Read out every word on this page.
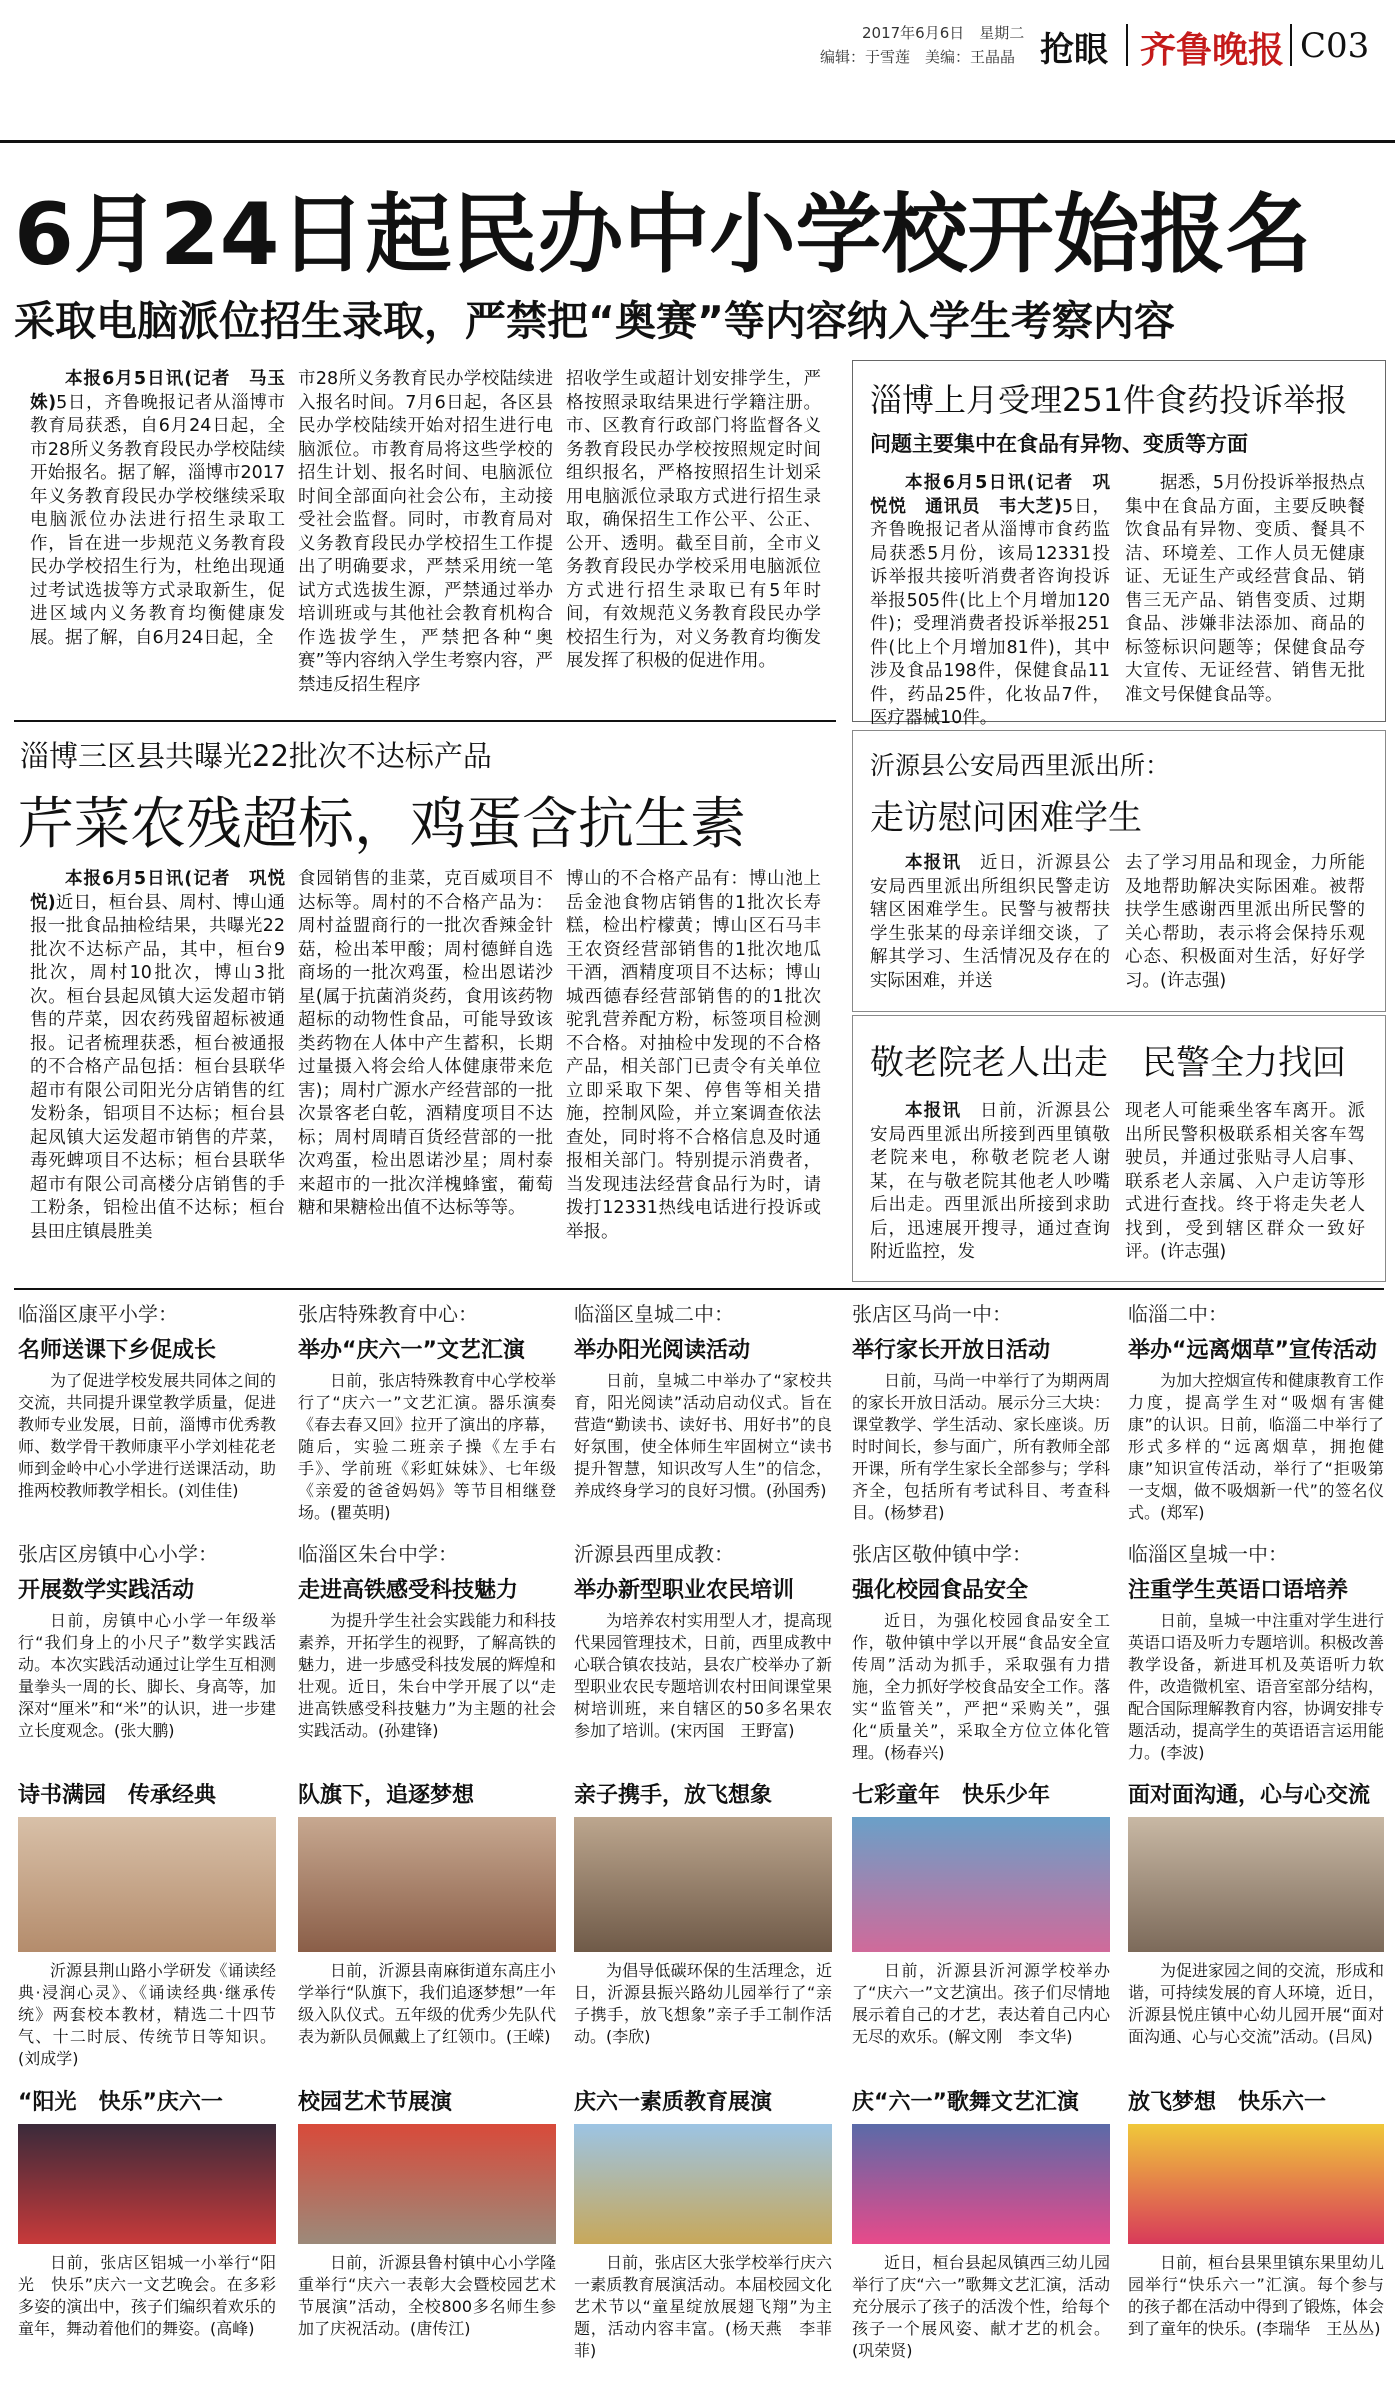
2017年6月6日　星期二
编辑：于雪莲　美编：王晶晶 抢眼 齐鲁晚报 C03
6月24日起民办中小学校开始报名
采取电脑派位招生录取，严禁把“奥赛”等内容纳入学生考察内容

本报6月5日讯(记者　马玉姝)5日，齐鲁晚报记者从淄博市教育局获悉，自6月24日起，全市28所义务教育段民办学校陆续开始报名。据了解，淄博市2017年义务教育段民办学校继续采取电脑派位办法进行招生录取工作，旨在进一步规范义务教育段民办学校招生行为，杜绝出现通过考试选拔等方式录取新生，促进区域内义务教育均衡健康发展。据了解，自6月24日起，全

市28所义务教育民办学校陆续进入报名时间。7月6日起，各区县民办学校陆续开始对招生进行电脑派位。市教育局将这些学校的招生计划、报名时间、电脑派位时间全部面向社会公布，主动接受社会监督。同时，市教育局对义务教育段民办学校招生工作提出了明确要求，严禁采用统一笔试方式选拔生源，严禁通过举办培训班或与其他社会教育机构合作选拔学生，严禁把各种“奥赛”等内容纳入学生考察内容，严禁违反招生程序

招收学生或超计划安排学生，严格按照录取结果进行学籍注册。市、区教育行政部门将监督各义务教育段民办学校按照规定时间组织报名，严格按照招生计划采用电脑派位录取方式进行招生录取，确保招生工作公平、公正、公开、透明。截至目前，全市义务教育段民办学校采用电脑派位方式进行招生录取已有5年时间，有效规范义务教育段民办学校招生行为，对义务教育均衡发展发挥了积极的促进作用。

淄博上月受理251件食药投诉举报
问题主要集中在食品有异物、变质等方面

本报6月5日讯(记者　巩悦悦　通讯员　韦大芝)5日，齐鲁晚报记者从淄博市食药监局获悉5月份，该局12331投诉举报共接听消费者咨询投诉举报505件(比上个月增加120件)；受理消费者投诉举报251件(比上个月增加81件)，其中涉及食品198件，保健食品11件，药品25件，化妆品7件，医疗器械10件。

据悉，5月份投诉举报热点集中在食品方面，主要反映餐饮食品有异物、变质、餐具不洁、环境差、工作人员无健康证、无证生产或经营食品、销售三无产品、销售变质、过期食品、涉嫌非法添加、商品的标签标识问题等；保健食品夸大宣传、无证经营、销售无批准文号保健食品等。

淄博三区县共曝光22批次不达标产品
芹菜农残超标，鸡蛋含抗生素

本报6月5日讯(记者　巩悦悦)近日，桓台县、周村、博山通报一批食品抽检结果，共曝光22批次不达标产品，其中，桓台9批次，周村10批次，博山3批次。桓台县起凤镇大运发超市销售的芹菜，因农药残留超标被通报。记者梳理获悉，桓台被通报的不合格产品包括：桓台县联华超市有限公司阳光分店销售的红发粉条，铝项目不达标；桓台县起凤镇大运发超市销售的芹菜，毒死蜱项目不达标；桓台县联华超市有限公司高楼分店销售的手工粉条，铝检出值不达标；桓台县田庄镇晨胜美

食园销售的韭菜，克百威项目不达标等。周村的不合格产品为：周村益盟商行的一批次香辣金针菇，检出苯甲酸；周村德鲜自选商场的一批次鸡蛋，检出恩诺沙星(属于抗菌消炎药，食用该药物超标的动物性食品，可能导致该类药物在人体中产生蓄积，长期过量摄入将会给人体健康带来危害)；周村广源水产经营部的一批次景客老白乾，酒精度项目不达标；周村周晴百货经营部的一批次鸡蛋，检出恩诺沙星；周村泰来超市的一批次洋槐蜂蜜，葡萄糖和果糖检出值不达标等等。

博山的不合格产品有：博山池上岳金池食物店销售的1批次长寿糕，检出柠檬黄；博山区石马丰王农资经营部销售的1批次地瓜干酒，酒精度项目不达标；博山城西德春经营部销售的的1批次驼乳营养配方粉，标签项目检测不合格。对抽检中发现的不合格产品，相关部门已责令有关单位立即采取下架、停售等相关措施，控制风险，并立案调查依法查处，同时将不合格信息及时通报相关部门。特别提示消费者，当发现违法经营食品行为时，请拨打12331热线电话进行投诉或举报。

沂源县公安局西里派出所：
走访慰问困难学生

本报讯　 近日，沂源县公安局西里派出所组织民警走访辖区困难学生。民警与被帮扶学生张某的母亲详细交谈，了解其学习、生活情况及存在的实际困难，并送

去了学习用品和现金，力所能及地帮助解决实际困难。被帮扶学生感谢西里派出所民警的关心帮助，表示将会保持乐观心态、积极面对生活，好好学习。(许志强)

敬老院老人出走　民警全力找回

本报讯　 日前，沂源县公安局西里派出所接到西里镇敬老院来电，称敬老院老人谢某，在与敬老院其他老人吵嘴后出走。西里派出所接到求助后，迅速展开搜寻，通过查询附近监控，发

现老人可能乘坐客车离开。派出所民警积极联系相关客车驾驶员，并通过张贴寻人启事、联系老人亲属、入户走访等形式进行查找。终于将走失老人找到，受到辖区群众一致好评。(许志强)

临淄区康平小学：
名师送课下乡促成长

为了促进学校发展共同体之间的交流，共同提升课堂教学质量，促进教师专业发展，日前，淄博市优秀教师、数学骨干教师康平小学刘桂花老师到金岭中心小学进行送课活动，助推两校教师教学相长。(刘佳佳)

张店特殊教育中心：
举办“庆六一”文艺汇演

日前，张店特殊教育中心学校举行了“庆六一”文艺汇演。器乐演奏《春去春又回》拉开了演出的序幕，随后，实验二班亲子操《左手右手》、学前班《彩虹妹妹》、七年级《亲爱的爸爸妈妈》等节目相继登场。(瞿英明)

临淄区皇城二中：
举办阳光阅读活动

日前，皇城二中举办了“家校共育，阳光阅读”活动启动仪式。旨在营造“勤读书、读好书、用好书”的良好氛围，使全体师生牢固树立“读书提升智慧，知识改写人生”的信念，养成终身学习的良好习惯。(孙国秀)

张店区马尚一中：
举行家长开放日活动

日前，马尚一中举行了为期两周的家长开放日活动。展示分三大块：课堂教学、学生活动、家长座谈。历时时间长，参与面广，所有教师全部开课，所有学生家长全部参与；学科齐全，包括所有考试科目、考查科目。(杨梦君)

临淄二中：
举办“远离烟草”宣传活动

为加大控烟宣传和健康教育工作力度，提高学生对“吸烟有害健康”的认识。日前，临淄二中举行了形式多样的“远离烟草，拥抱健康”知识宣传活动，举行了“拒吸第一支烟，做不吸烟新一代”的签名仪式。(郑军)

张店区房镇中心小学：
开展数学实践活动

日前，房镇中心小学一年级举行“我们身上的小尺子”数学实践活动。本次实践活动通过让学生互相测量拳头一周的长、脚长、身高等，加深对“厘米”和“米”的认识，进一步建立长度观念。(张大鹏)

临淄区朱台中学：
走进高铁感受科技魅力

为提升学生社会实践能力和科技素养，开拓学生的视野，了解高铁的魅力，进一步感受科技发展的辉煌和壮观。近日，朱台中学开展了以“走进高铁感受科技魅力”为主题的社会实践活动。(孙建锋)

沂源县西里成教：
举办新型职业农民培训

为培养农村实用型人才，提高现代果园管理技术，日前，西里成教中心联合镇农技站，县农广校举办了新型职业农民专题培训农村田间课堂果树培训班，来自辖区的50多名果农参加了培训。(宋丙国　王野富)

张店区敬仲镇中学：
强化校园食品安全

近日，为强化校园食品安全工作，敬仲镇中学以开展“食品安全宣传周”活动为抓手，采取强有力措施，全力抓好学校食品安全工作。落实“监管关”，严把“采购关”，强化“质量关”，采取全方位立体化管理。(杨春兴)

临淄区皇城一中：
注重学生英语口语培养

日前，皇城一中注重对学生进行英语口语及听力专题培训。积极改善教学设备，新进耳机及英语听力软件，改造微机室、语音室部分结构，配合国际理解教育内容，协调安排专题活动，提高学生的英语语言运用能力。(李波)

诗书满园　传承经典

沂源县荆山路小学研发《诵读经典·浸润心灵》、《诵读经典·继承传统》两套校本教材，精选二十四节气、十二时辰、传统节日等知识。(刘成学)

队旗下，追逐梦想

日前，沂源县南麻街道东高庄小学举行“队旗下，我们追逐梦想”一年级入队仪式。五年级的优秀少先队代表为新队员佩戴上了红领巾。(王嵘)

亲子携手，放飞想象

为倡导低碳环保的生活理念，近日，沂源县振兴路幼儿园举行了“亲子携手，放飞想象”亲子手工制作活动。(李欣)

七彩童年　快乐少年

日前，沂源县沂河源学校举办了“庆六一”文艺演出。孩子们尽情地展示着自己的才艺，表达着自己内心无尽的欢乐。(解文刚　李文华)

面对面沟通，心与心交流

为促进家园之间的交流，形成和谐，可持续发展的育人环境，近日，沂源县悦庄镇中心幼儿园开展“面对面沟通、心与心交流”活动。(吕凤)

“阳光　快乐”庆六一

日前，张店区铝城一小举行“阳光　快乐”庆六一文艺晚会。在多彩多姿的演出中，孩子们编织着欢乐的童年，舞动着他们的舞姿。(高峰)

校园艺术节展演

日前，沂源县鲁村镇中心小学隆重举行“庆六一表彰大会暨校园艺术节展演”活动，全校800多名师生参加了庆祝活动。(唐传江)

庆六一素质教育展演

日前，张店区大张学校举行庆六一素质教育展演活动。本届校园文化艺术节以“童星绽放展翅飞翔”为主题，活动内容丰富。(杨天燕　李菲菲)

庆“六一”歌舞文艺汇演

近日，桓台县起凤镇西三幼儿园举行了庆“六一”歌舞文艺汇演，活动充分展示了孩子的活泼个性，给每个孩子一个展风姿、献才艺的机会。(巩荣贤)

放飞梦想　快乐六一

日前，桓台县果里镇东果里幼儿园举行“快乐六一”汇演。每个参与的孩子都在活动中得到了锻炼，体会到了童年的快乐。(李瑞华　王丛丛)
